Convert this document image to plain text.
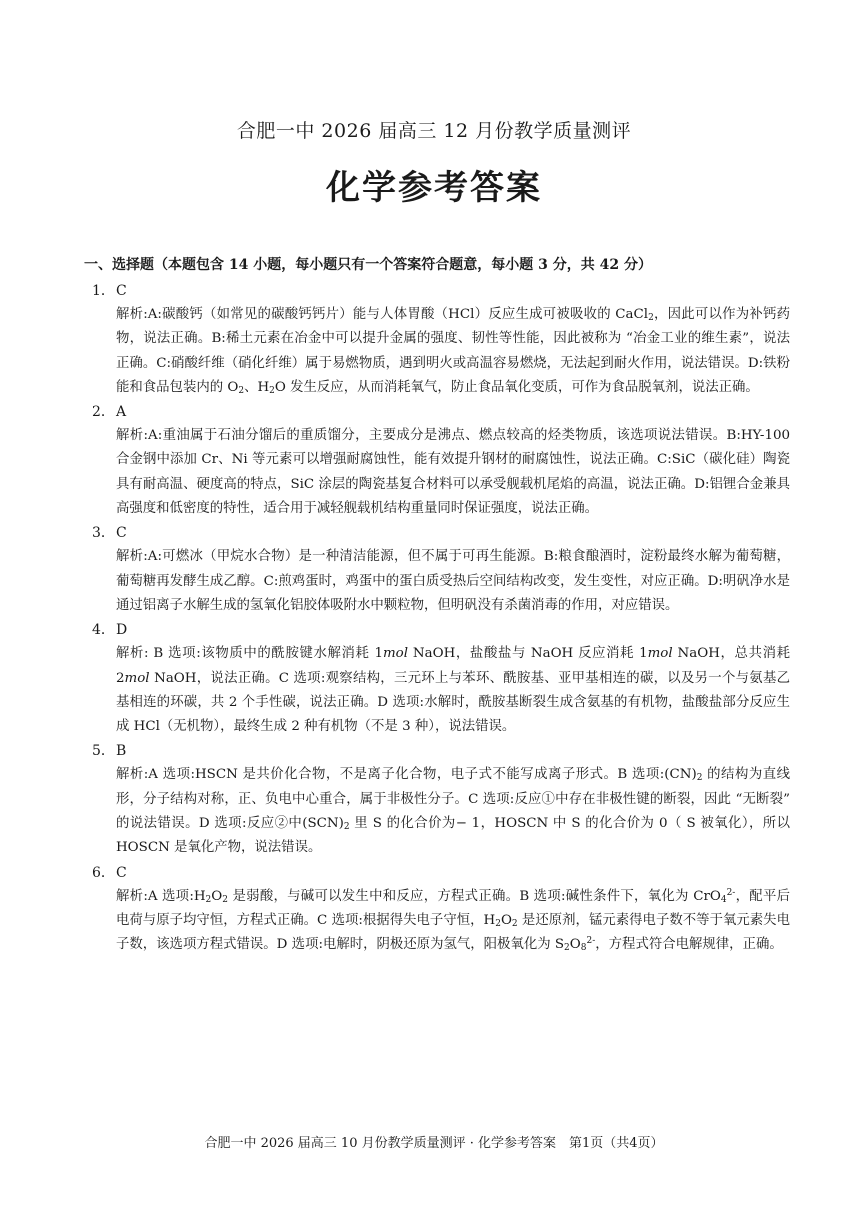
合肥一中 2026 届高三 12 月份教学质量测评
化学参考答案
一、选择题（本题包含 14 小题，每小题只有一个答案符合题意，每小题 3 分，共 42 分）
1．C
解析:A:碳酸钙（如常见的碳酸钙钙片）能与人体胃酸（HCl）反应生成可被吸收的 CaCl$_2$，因此可以作为补钙药物，说法正确。B:稀土元素在冶金中可以提升金属的强度、韧性等性能，因此被称为 “冶金工业的维生素”，说法正确。C:硝酸纤维（硝化纤维）属于易燃物质，遇到明火或高温容易燃烧，无法起到耐火作用，说法错误。D:铁粉能和食品包装内的 $O_2$、$H_2O$ 发生反应，从而消耗氧气，防止食品氧化变质，可作为食品脱氧剂，说法正确。
2．A
解析:A:重油属于石油分馏后的重质馏分，主要成分是沸点、燃点较高的烃类物质，该选项说法错误。B:HY-100 合金钢中添加 Cr、Ni 等元素可以增强耐腐蚀性，能有效提升钢材的耐腐蚀性，说法正确。C:SiC（碳化硅）陶瓷具有耐高温、硬度高的特点，SiC 涂层的陶瓷基复合材料可以承受舰载机尾焰的高温，说法正确。D:铝锂合金兼具高强度和低密度的特性，适合用于减轻舰载机结构重量同时保证强度，说法正确。
3．C
解析:A:可燃冰（甲烷水合物）是一种清洁能源，但不属于可再生能源。B:粮食酿酒时，淀粉最终水解为葡萄糖，葡萄糖再发酵生成乙醇。C:煎鸡蛋时，鸡蛋中的蛋白质受热后空间结构改变，发生变性，对应正确。D:明矾净水是通过铝离子水解生成的氢氧化铝胶体吸附水中颗粒物，但明矾没有杀菌消毒的作用，对应错误。
4．D
解析: B 选项:该物质中的酰胺键水解消耗 1mol NaOH，盐酸盐与 NaOH 反应消耗 1mol NaOH，总共消耗 2mol NaOH，说法正确。C 选项:观察结构，三元环上与苯环、酰胺基、亚甲基相连的碳，以及另一个与氨基乙基相连的环碳，共 2 个手性碳，说法正确。D 选项:水解时，酰胺基断裂生成含氨基的有机物，盐酸盐部分反应生成 HCl（无机物），最终生成 2 种有机物（不是 3 种），说法错误。
5．B
解析:A 选项:HSCN 是共价化合物，不是离子化合物，电子式不能写成离子形式。B 选项$:(CN)_2$ 的结构为直线形，分子结构对称，正、负电中心重合，属于非极性分子。C 选项:反应①中存在非极性键的断裂，因此 “无断裂” 的说法错误。D 选项:反应②中$(SCN)_2$ 里 S 的化合价为− 1，HOSCN 中 S 的化合价为 0（ S 被氧化），所以 HOSCN 是氧化产物，说法错误。
6．C
解析:A 选项$:H_2O_2$ 是弱酸，与碱可以发生中和反应，方程式正确。B 选项:碱性条件下，氧化为 CrO$_4^{2-}$，配平后电荷与原子均守恒，方程式正确。C 选项:根据得失电子守恒，$H_2O_2$ 是还原剂，锰元素得电子数不等于氧元素失电子数，该选项方程式错误。D 选项:电解时，阴极还原为氢气，阳极氧化为 $S_2O_8^{2-}$，方程式符合电解规律，正确。
合肥一中 2026 届高三 10 月份教学质量测评 · 化学参考答案　第1页（共4页）
